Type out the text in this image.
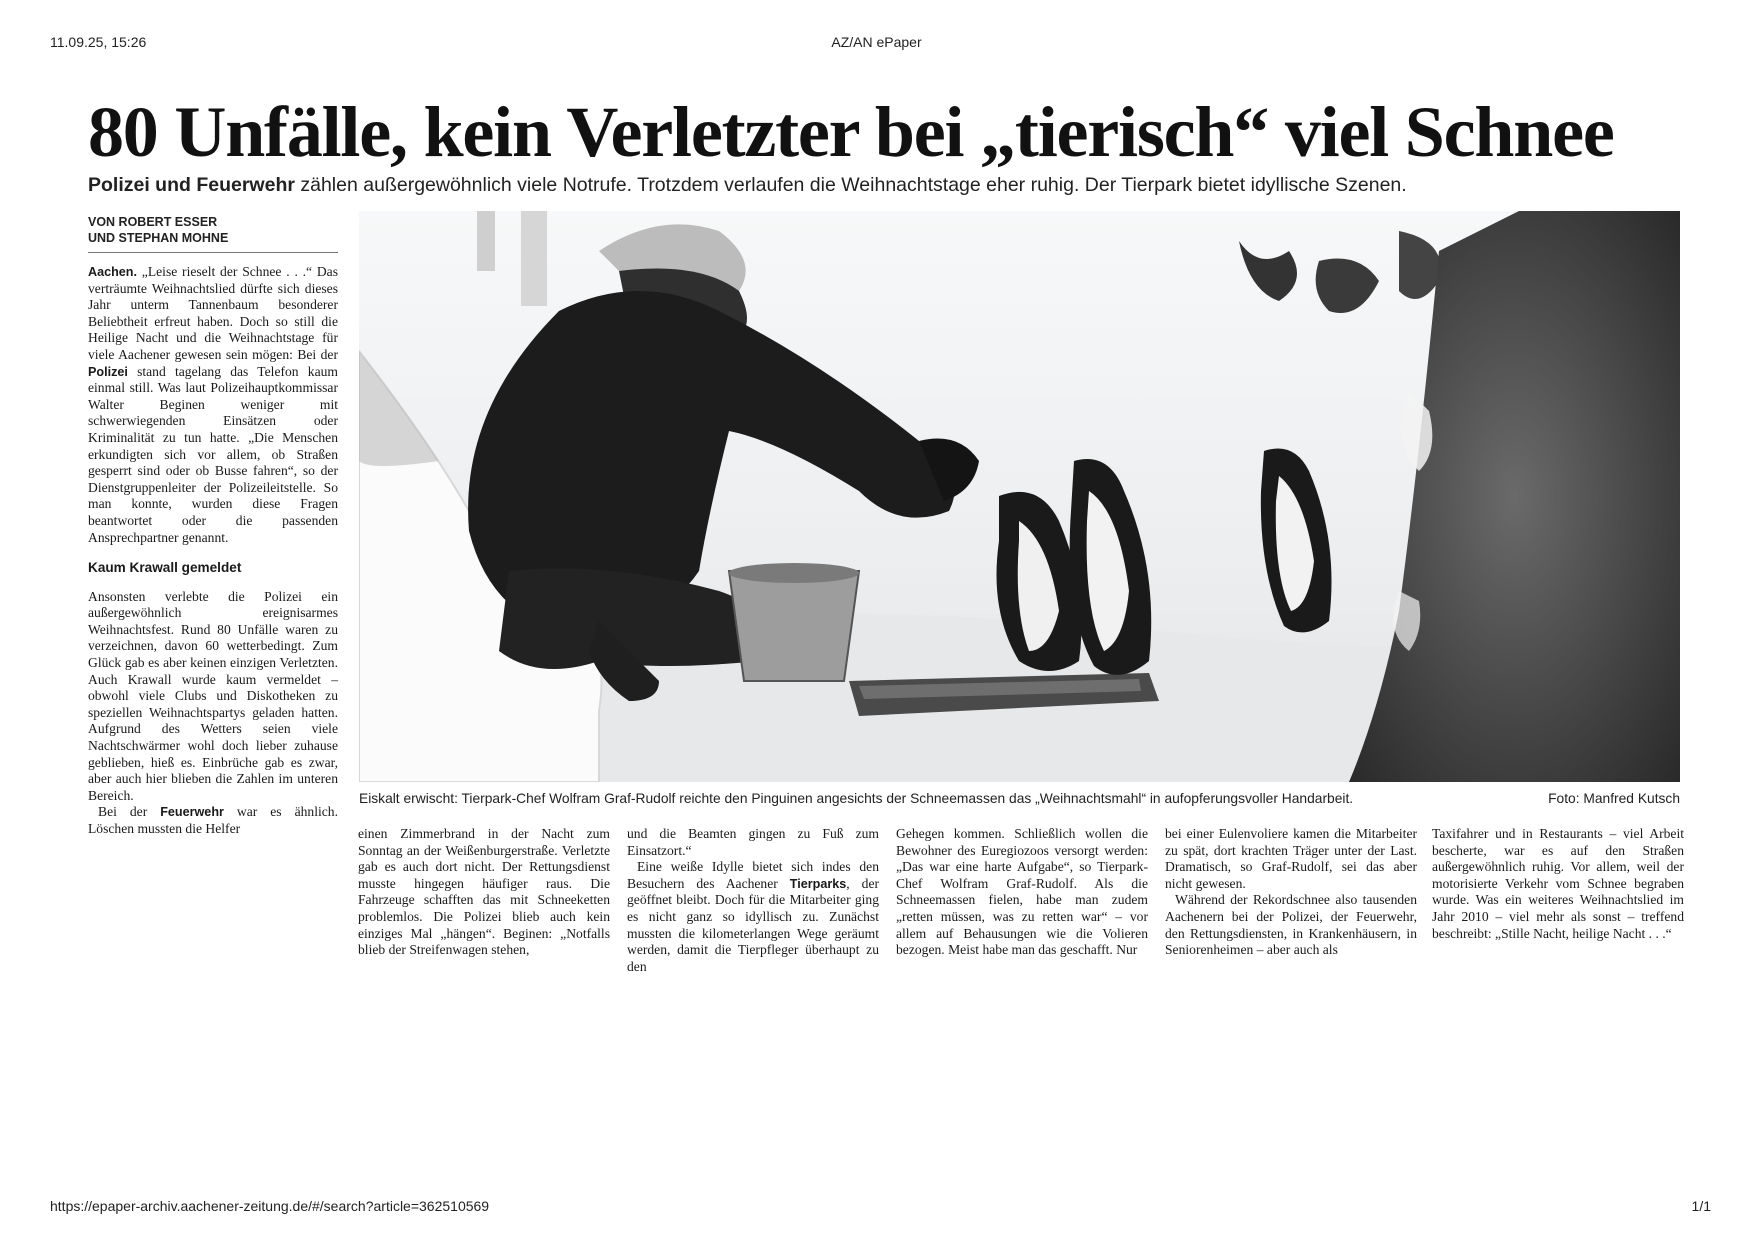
11.09.25, 15:26	AZ/AN ePaper
80 Unfälle, kein Verletzter bei „tierisch“ viel Schnee
Polizei und Feuerwehr zählen außergewöhnlich viele Notrufe. Trotzdem verlaufen die Weihnachtstage eher ruhig. Der Tierpark bietet idyllische Szenen.
VON ROBERT ESSER
UND STEPHAN MOHNE

Aachen. „Leise rieselt der Schnee . . .“ Das verträumte Weihnachtslied dürfte sich dieses Jahr unterm Tannenbaum besonderer Beliebtheit erfreut haben. Doch so still die Heilige Nacht und die Weihnachtstage für viele Aachener gewesen sein mögen: Bei der Polizei stand tagelang das Telefon kaum einmal still. Was laut Polizeihauptkommissar Walter Beginen weniger mit schwerwiegenden Einsätzen oder Kriminalität zu tun hatte. „Die Menschen erkundigten sich vor allem, ob Straßen gesperrt sind oder ob Busse fahren“, so der Dienstgruppenleiter der Polizeileitstelle. So man konnte, wurden diese Fragen beantwortet oder die passenden Ansprechpartner genannt.

Kaum Krawall gemeldet

Ansonsten verlebte die Polizei ein außergewöhnlich ereignisarmes Weihnachtsfest. Rund 80 Unfälle waren zu verzeichnen, davon 60 wetterbedingt. Zum Glück gab es aber keinen einzigen Verletzten. Auch Krawall wurde kaum vermeldet – obwohl viele Clubs und Diskotheken zu speziellen Weihnachtspartys geladen hatten. Aufgrund des Wetters seien viele Nachtschwärmer wohl doch lieber zuhause geblieben, hieß es. Einbrüche gab es zwar, aber auch hier blieben die Zahlen im unteren Bereich.

Bei der Feuerwehr war es ähnlich. Löschen mussten die Helfer

Eiskalt erwischt: Tierpark-Chef Wolfram Graf-Rudolf reichte den Pinguinen angesichts der Schneemassen das „Weihnachtsmahl“ in aufopferungsvoller Handarbeit.	Foto: Manfred Kutsch

einen Zimmerbrand in der Nacht zum Sonntag an der Weißenburgerstraße. Verletzte gab es auch dort nicht. Der Rettungsdienst musste hingegen häufiger raus. Die Fahrzeuge schafften das mit Schneeketten problemlos. Die Polizei blieb auch kein einziges Mal „hängen“. Beginen: „Notfalls blieb der Streifenwagen stehen,

und die Beamten gingen zu Fuß zum Einsatzort.“

Eine weiße Idylle bietet sich indes den Besuchern des Aachener Tierparks, der geöffnet bleibt. Doch für die Mitarbeiter ging es nicht ganz so idyllisch zu. Zunächst mussten die kilometerlangen Wege geräumt werden, damit die Tierpfleger überhaupt zu den

Gehegen kommen. Schließlich wollen die Bewohner des Euregiozoos versorgt werden: „Das war eine harte Aufgabe“, so Tierpark-Chef Wolfram Graf-Rudolf. Als die Schneemassen fielen, habe man zudem „retten müssen, was zu retten war“ – vor allem auf Behausungen wie die Volieren bezogen. Meist habe man das geschafft. Nur

bei einer Eulenvoliere kamen die Mitarbeiter zu spät, dort krachten Träger unter der Last. Dramatisch, so Graf-Rudolf, sei das aber nicht gewesen.

Während der Rekordschnee also tausenden Aachenern bei der Polizei, der Feuerwehr, den Rettungsdiensten, in Krankenhäusern, in Seniorenheimen – aber auch als

Taxifahrer und in Restaurants – viel Arbeit bescherte, war es auf den Straßen außergewöhnlich ruhig. Vor allem, weil der motorisierte Verkehr vom Schnee begraben wurde. Was ein weiteres Weihnachtslied im Jahr 2010 – viel mehr als sonst – treffend beschreibt: „Stille Nacht, heilige Nacht . . .“

https://epaper-archiv.aachener-zeitung.de/#/search?article=362510569	1/1
